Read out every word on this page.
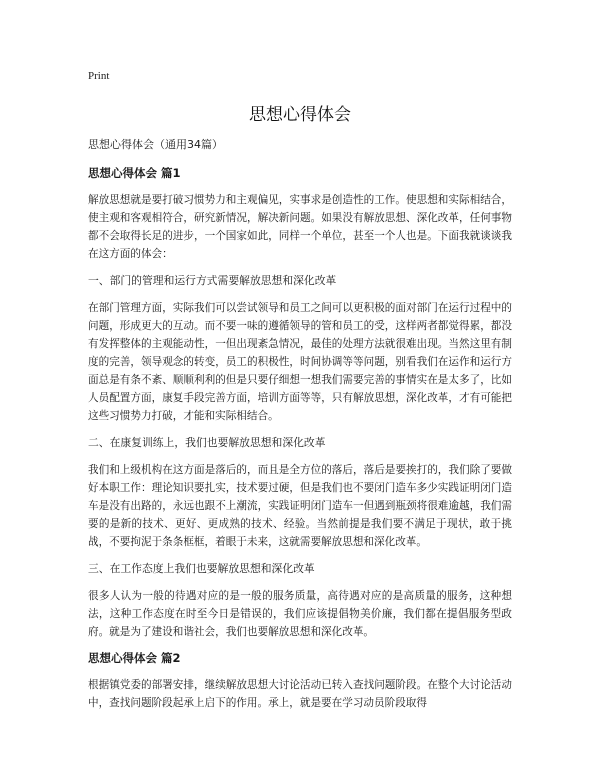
Print
思想心得体会
思想心得体会（通用34篇）
思想心得体会 篇1
解放思想就是要打破习惯势力和主观偏见，实事求是创造性的工作。使思想和实际相结合，使主观和客观相符合，研究新情况，解决新问题。如果没有解放思想、深化改革，任何事物都不会取得长足的进步，一个国家如此，同样一个单位，甚至一个人也是。下面我就谈谈我在这方面的体会：
一、部门的管理和运行方式需要解放思想和深化改革
在部门管理方面，实际我们可以尝试领导和员工之间可以更积极的面对部门在运行过程中的问题，形成更大的互动。而不要一味的遵循领导的管和员工的受，这样两者都觉得累，都没有发挥整体的主观能动性，一但出现紊急情况，最佳的处理方法就很难出现。当然这里有制度的完善，领导观念的转变，员工的积极性，时间协调等等问题，别看我们在运作和运行方面总是有条不紊、顺顺利利的但是只要仔细想一想我们需要完善的事情实在是太多了，比如人员配置方面，康复手段完善方面，培训方面等等，只有解放思想，深化改革，才有可能把这些习惯势力打破，才能和实际相结合。
二、在康复训练上，我们也要解放思想和深化改革
我们和上级机构在这方面是落后的，而且是全方位的落后，落后是要挨打的，我们除了要做好本职工作：理论知识要扎实，技术要过硬，但是我们也不要闭门造车多少实践证明闭门造车是没有出路的，永远也跟不上潮流，实践证明闭门造车一但遇到瓶颈将很难逾越，我们需要的是新的技术、更好、更成熟的技术、经验。当然前提是我们要不满足于现状，敢于挑战，不要拘泥于条条框框，着眼于未来，这就需要解放思想和深化改革。
三、在工作态度上我们也要解放思想和深化改革
很多人认为一般的待遇对应的是一般的服务质量，高待遇对应的是高质量的服务，这种想法，这种工作态度在时至今日是错误的，我们应该提倡物美价廉，我们都在提倡服务型政府。就是为了建设和谐社会，我们也要解放思想和深化改革。
思想心得体会 篇2
根据镇党委的部署安排，继续解放思想大讨论活动已转入查找问题阶段。在整个大讨论活动中，查找问题阶段起承上启下的作用。承上，就是要在学习动员阶段取得
